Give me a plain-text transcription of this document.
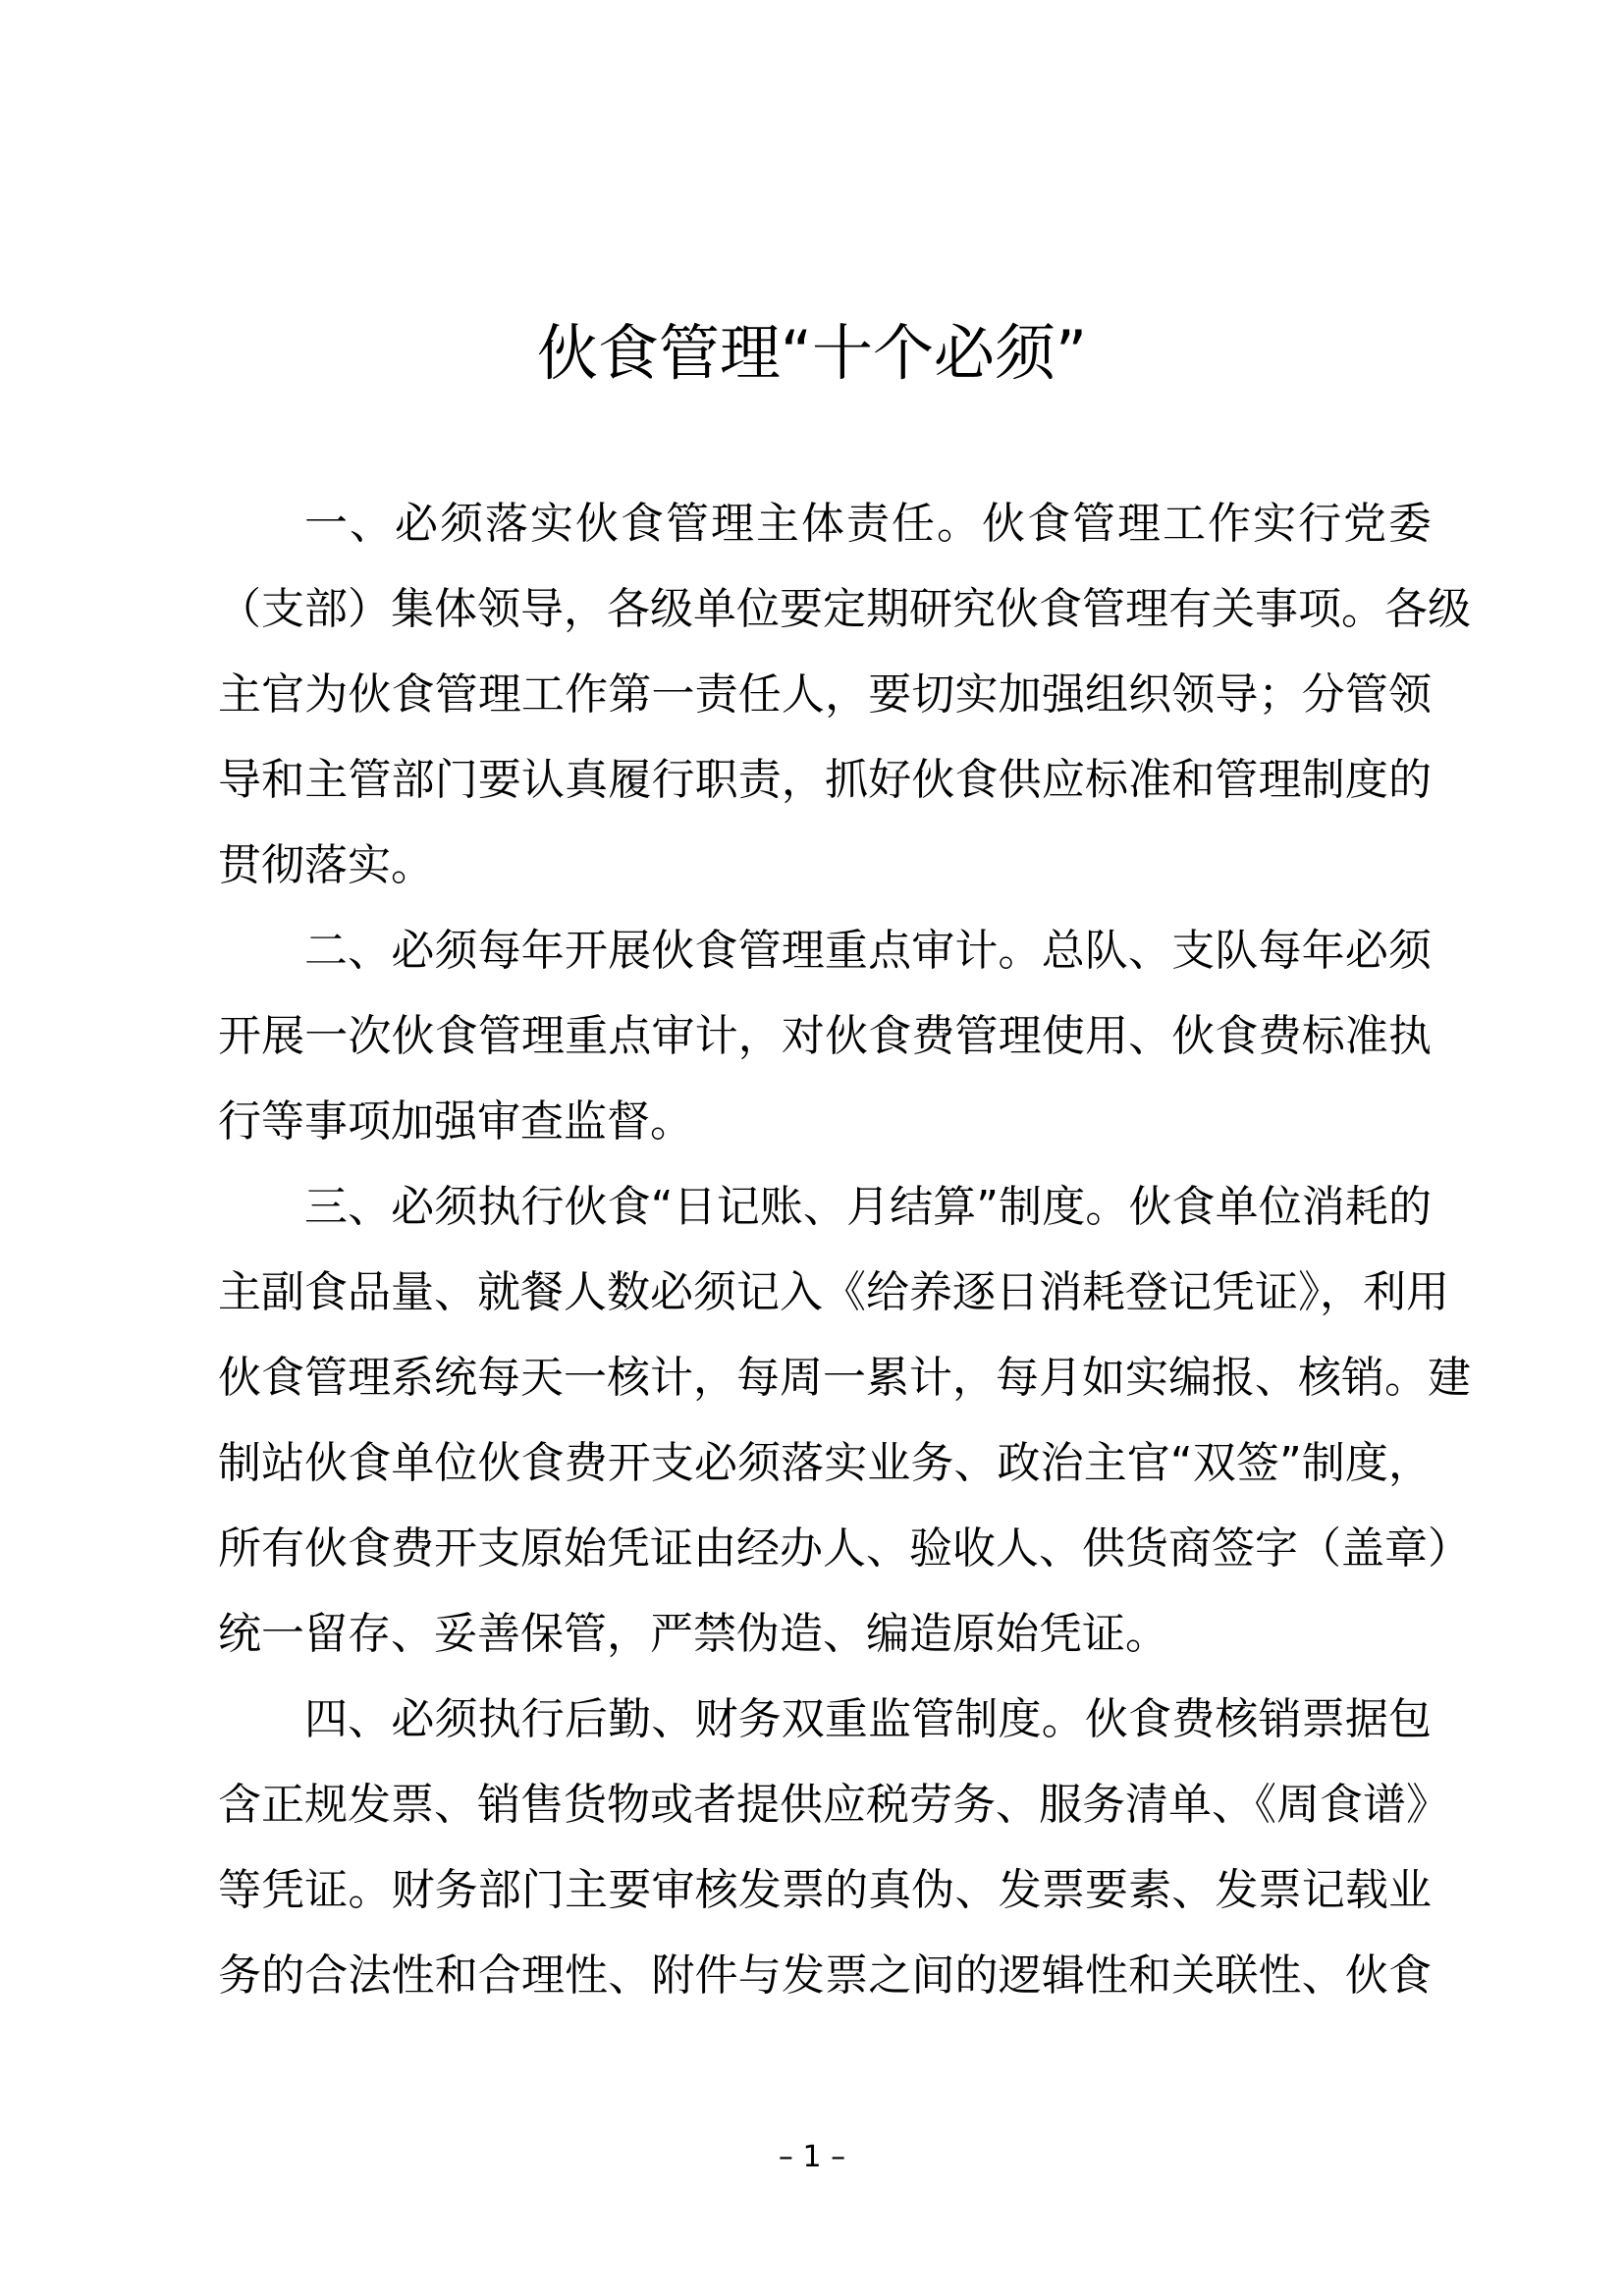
伙食管理“十个必须”
一、必须落实伙食管理主体责任。伙食管理工作实行党委
（支部）集体领导，各级单位要定期研究伙食管理有关事项。各级
主官为伙食管理工作第一责任人，要切实加强组织领导；分管领
导和主管部门要认真履行职责，抓好伙食供应标准和管理制度的
贯彻落实。
二、必须每年开展伙食管理重点审计。总队、支队每年必须
开展一次伙食管理重点审计，对伙食费管理使用、伙食费标准执
行等事项加强审查监督。
三、必须执行伙食“日记账、月结算”制度。伙食单位消耗的
主副食品量、就餐人数必须记入《给养逐日消耗登记凭证》，利用
伙食管理系统每天一核计，每周一累计，每月如实编报、核销。建
制站伙食单位伙食费开支必须落实业务、政治主官“双签”制度，
所有伙食费开支原始凭证由经办人、验收人、供货商签字（盖章）
统一留存、妥善保管，严禁伪造、编造原始凭证。
四、必须执行后勤、财务双重监管制度。伙食费核销票据包
含正规发票、销售货物或者提供应税劳务、服务清单、《周食谱》
等凭证。财务部门主要审核发票的真伪、发票要素、发票记载业
务的合法性和合理性、附件与发票之间的逻辑性和关联性、伙食
– 1 –
